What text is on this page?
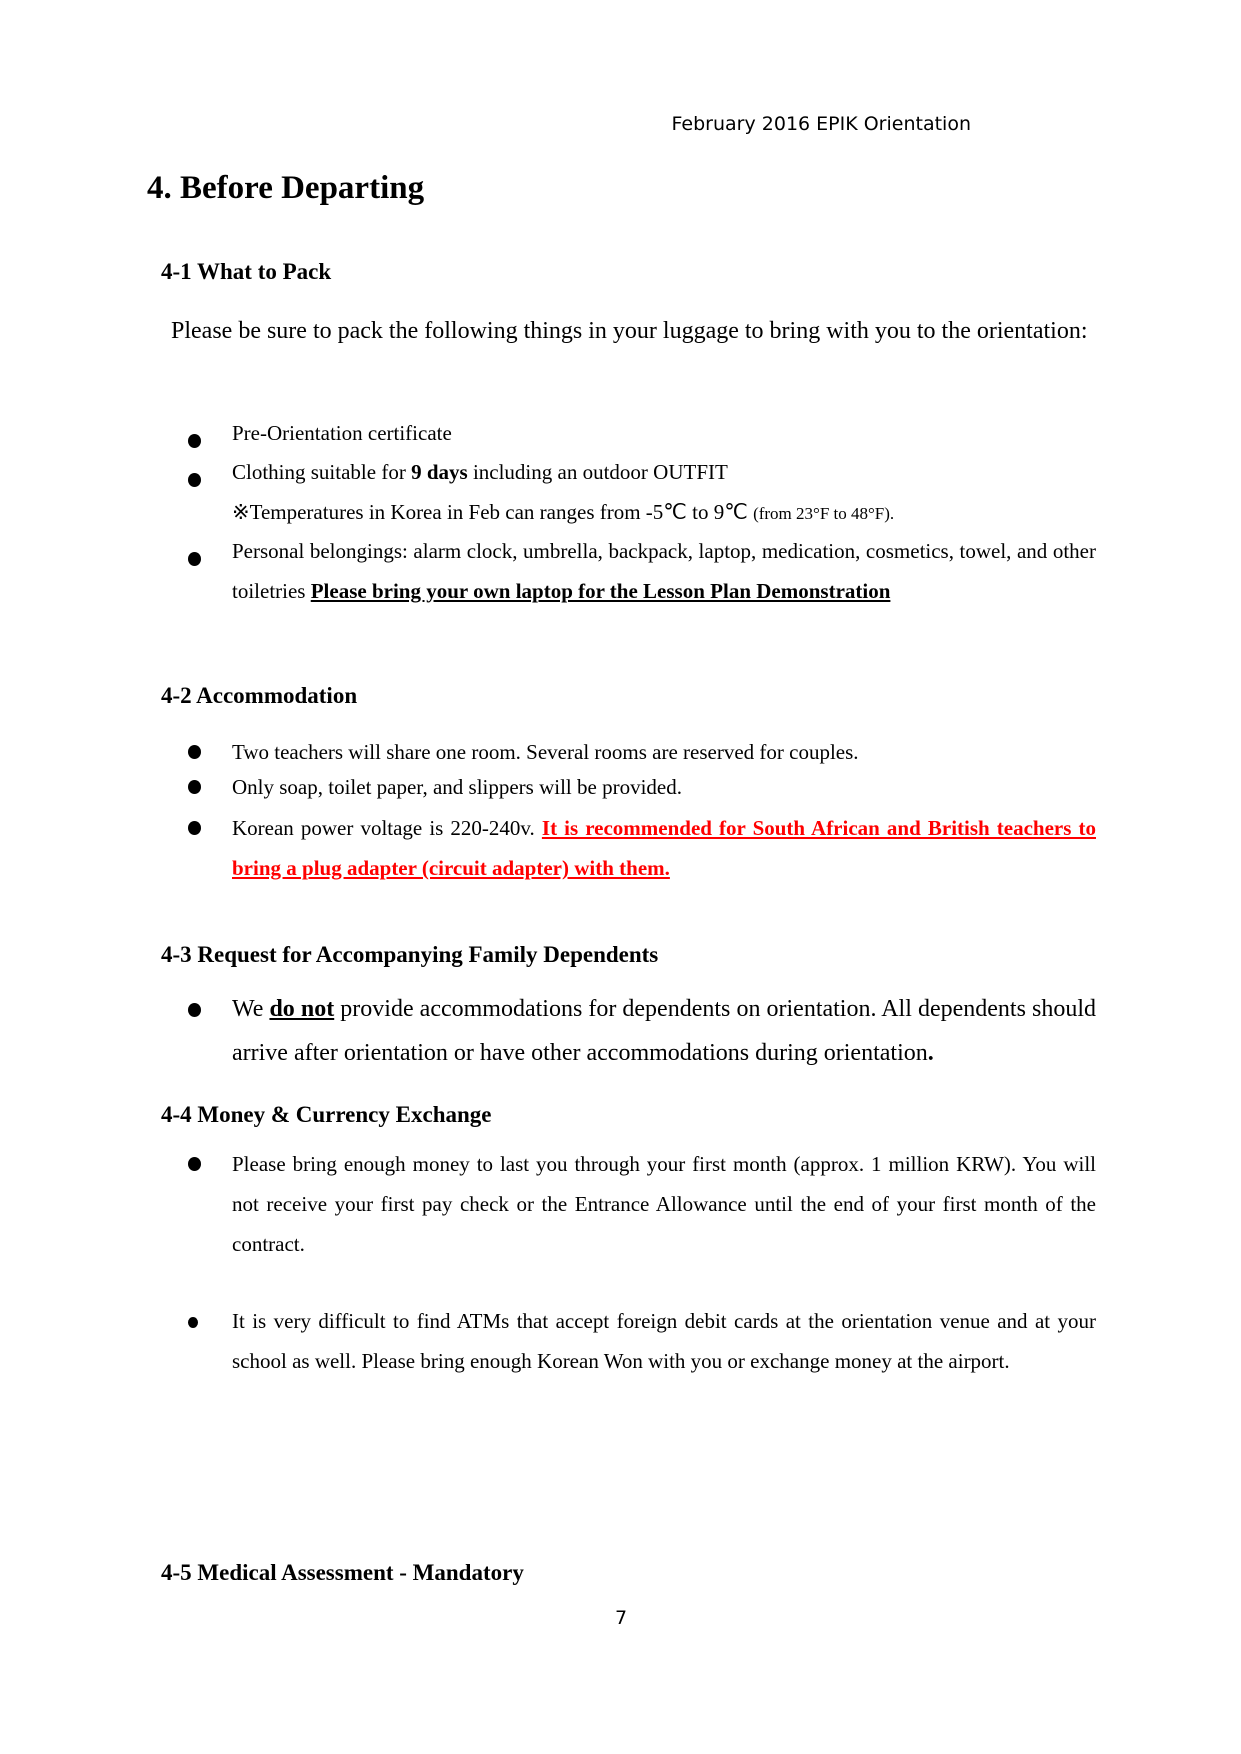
February 2016 EPIK Orientation
4. Before Departing
4-1 What to Pack
Please be sure to pack the following things in your luggage to bring with you to the orientation:
Pre-Orientation certificate
Clothing suitable for 9 days including an outdoor OUTFIT
※Temperatures in Korea in Feb can ranges from -5℃ to 9℃ (from 23°F to 48°F).
Personal belongings: alarm clock, umbrella, backpack, laptop, medication, cosmetics, towel, and other toiletries Please bring your own laptop for the Lesson Plan Demonstration
4-2 Accommodation
Two teachers will share one room. Several rooms are reserved for couples.
Only soap, toilet paper, and slippers will be provided.
Korean power voltage is 220-240v. It is recommended for South African and British teachers to bring a plug adapter (circuit adapter) with them.
4-3 Request for Accompanying Family Dependents
We do not provide accommodations for dependents on orientation. All dependents should arrive after orientation or have other accommodations during orientation.
4-4 Money & Currency Exchange
Please bring enough money to last you through your first month (approx. 1 million KRW). You will not receive your first pay check or the Entrance Allowance until the end of your first month of the contract.
It is very difficult to find ATMs that accept foreign debit cards at the orientation venue and at your school as well. Please bring enough Korean Won with you or exchange money at the airport.
4-5 Medical Assessment - Mandatory
7
